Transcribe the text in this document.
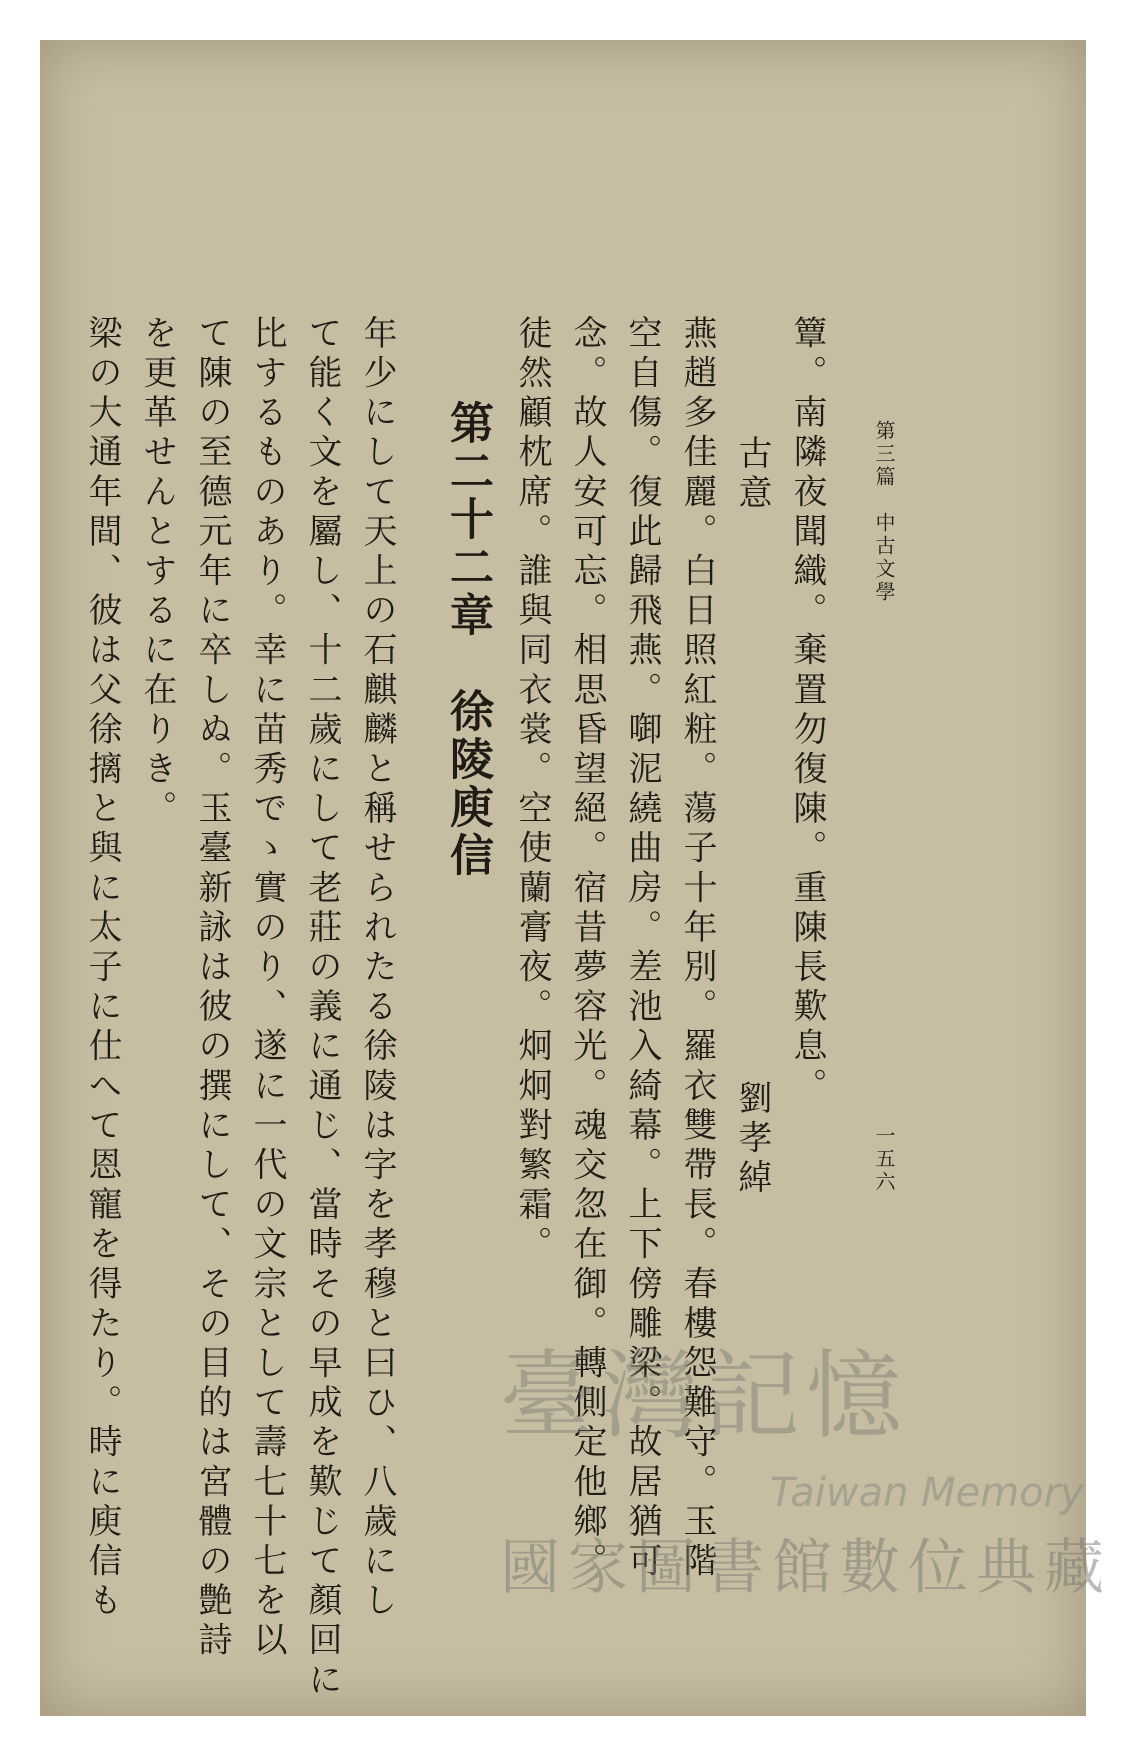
第三篇　中古文學
一五六
簟。南隣夜聞織。棄置勿復陳。重陳長歎息。
古意
劉孝綽
燕趙多佳麗。白日照紅粧。蕩子十年別。羅衣雙帶長。春樓怨難守。玉階
空自傷。復此歸飛燕。啣泥繞曲房。差池入綺幕。上下傍雕梁。故居猶可
念。故人安可忘。相思昏望絕。宿昔夢容光。魂交忽在御。轉側定他鄉。
徒然顧枕席。誰與同衣裳。空使蘭膏夜。炯炯對繁霜。
第二十二章　徐陵庾信
年少にして天上の石麒麟と稱せられたる徐陵は字を孝穆と曰ひ、八歲にし
て能く文を屬し、十二歲にして老莊の義に通じ、當時その早成を歎じて顏回に
比するものあり。幸に苗秀でゝ實のり、遂に一代の文宗として壽七十七を以
て陳の至德元年に卒しぬ。玉臺新詠は彼の撰にして、その目的は宮體の艶詩
を更革せんとするに在りき。
梁の大通年間、彼は父徐摛と與に太子に仕へて恩寵を得たり。時に庾信も	臺灣記憶
Taiwan Memory
國家圖書館數位典藏
